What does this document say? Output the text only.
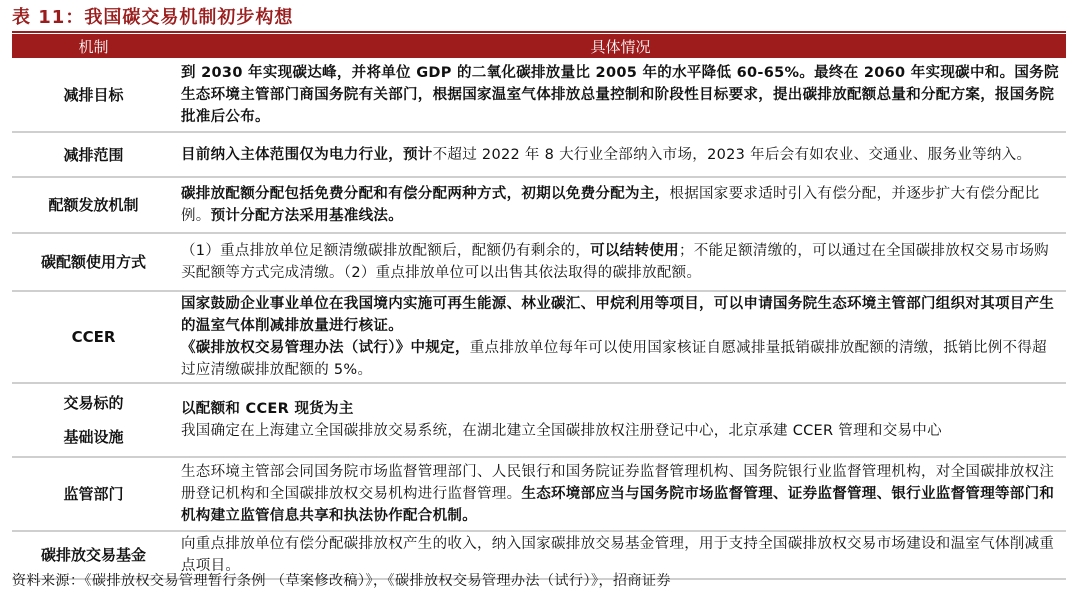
表 11：我国碳交易机制初步构想
机制	具体情况
减排目标	到 2030 年实现碳达峰，并将单位 GDP 的二氧化碳排放量比 2005 年的水平降低 60-65%。最终在 2060 年实现碳中和。国务院生态环境主管部门商国务院有关部门，根据国家温室气体排放总量控制和阶段性目标要求，提出碳排放配额总量和分配方案，报国务院批准后公布。
减排范围	目前纳入主体范围仅为电力行业，预计不超过 2022 年 8 大行业全部纳入市场，2023 年后会有如农业、交通业、服务业等纳入。
配额发放机制	碳排放配额分配包括免费分配和有偿分配两种方式，初期以免费分配为主，根据国家要求适时引入有偿分配，并逐步扩大有偿分配比例。预计分配方法采用基准线法。
碳配额使用方式	（1）重点排放单位足额清缴碳排放配额后，配额仍有剩余的，可以结转使用；不能足额清缴的，可以通过在全国碳排放权交易市场购买配额等方式完成清缴。（2）重点排放单位可以出售其依法取得的碳排放配额。
CCER	国家鼓励企业事业单位在我国境内实施可再生能源、林业碳汇、甲烷利用等项目，可以申请国务院生态环境主管部门组织对其项目产生的温室气体削减排放量进行核证。
《碳排放权交易管理办法（试行）》中规定，重点排放单位每年可以使用国家核证自愿减排量抵销碳排放配额的清缴，抵销比例不得超过应清缴碳排放配额的 5%。
交易标的
基础设施	以配额和 CCER 现货为主
我国确定在上海建立全国碳排放交易系统，在湖北建立全国碳排放权注册登记中心，北京承建 CCER 管理和交易中心
监管部门	生态环境主管部会同国务院市场监督管理部门、人民银行和国务院证券监督管理机构、国务院银行业监督管理机构，对全国碳排放权注册登记机构和全国碳排放权交易机构进行监督管理。生态环境部应当与国务院市场监督管理、证券监督管理、银行业监督管理等部门和机构建立监管信息共享和执法协作配合机制。
碳排放交易基金	向重点排放单位有偿分配碳排放权产生的收入，纳入国家碳排放交易基金管理，用于支持全国碳排放权交易市场建设和温室气体削减重点项目。
资料来源：《碳排放权交易管理暂行条例 （草案修改稿）》，《碳排放权交易管理办法（试行）》，招商证券
